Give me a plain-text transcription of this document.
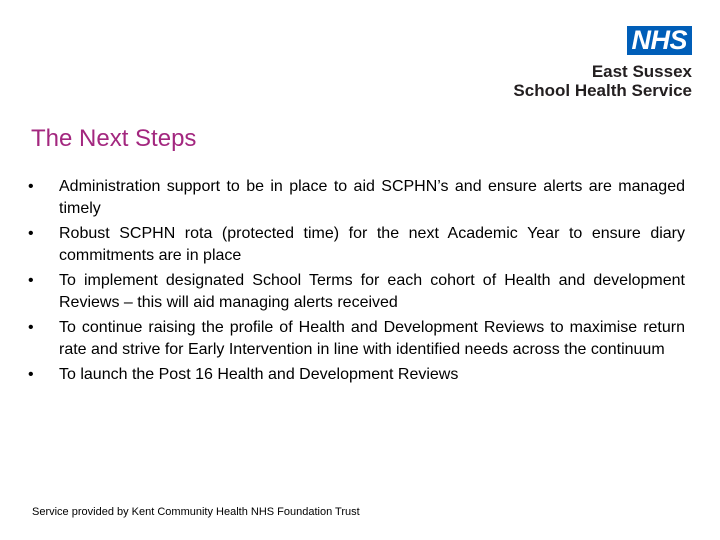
NHS
East Sussex
School Health Service
The Next Steps
• Administration support to be in place to aid SCPHN’s and ensure alerts are managed timely
• Robust SCPHN rota (protected time) for the next Academic Year to ensure diary commitments are in place
• To implement designated School Terms for each cohort of Health and development Reviews – this will aid managing alerts received
• To continue raising the profile of Health and Development Reviews to maximise return rate and strive for Early Intervention in line with identified needs across the continuum
• To launch the Post 16 Health and Development Reviews
Service provided by Kent Community Health NHS Foundation Trust
